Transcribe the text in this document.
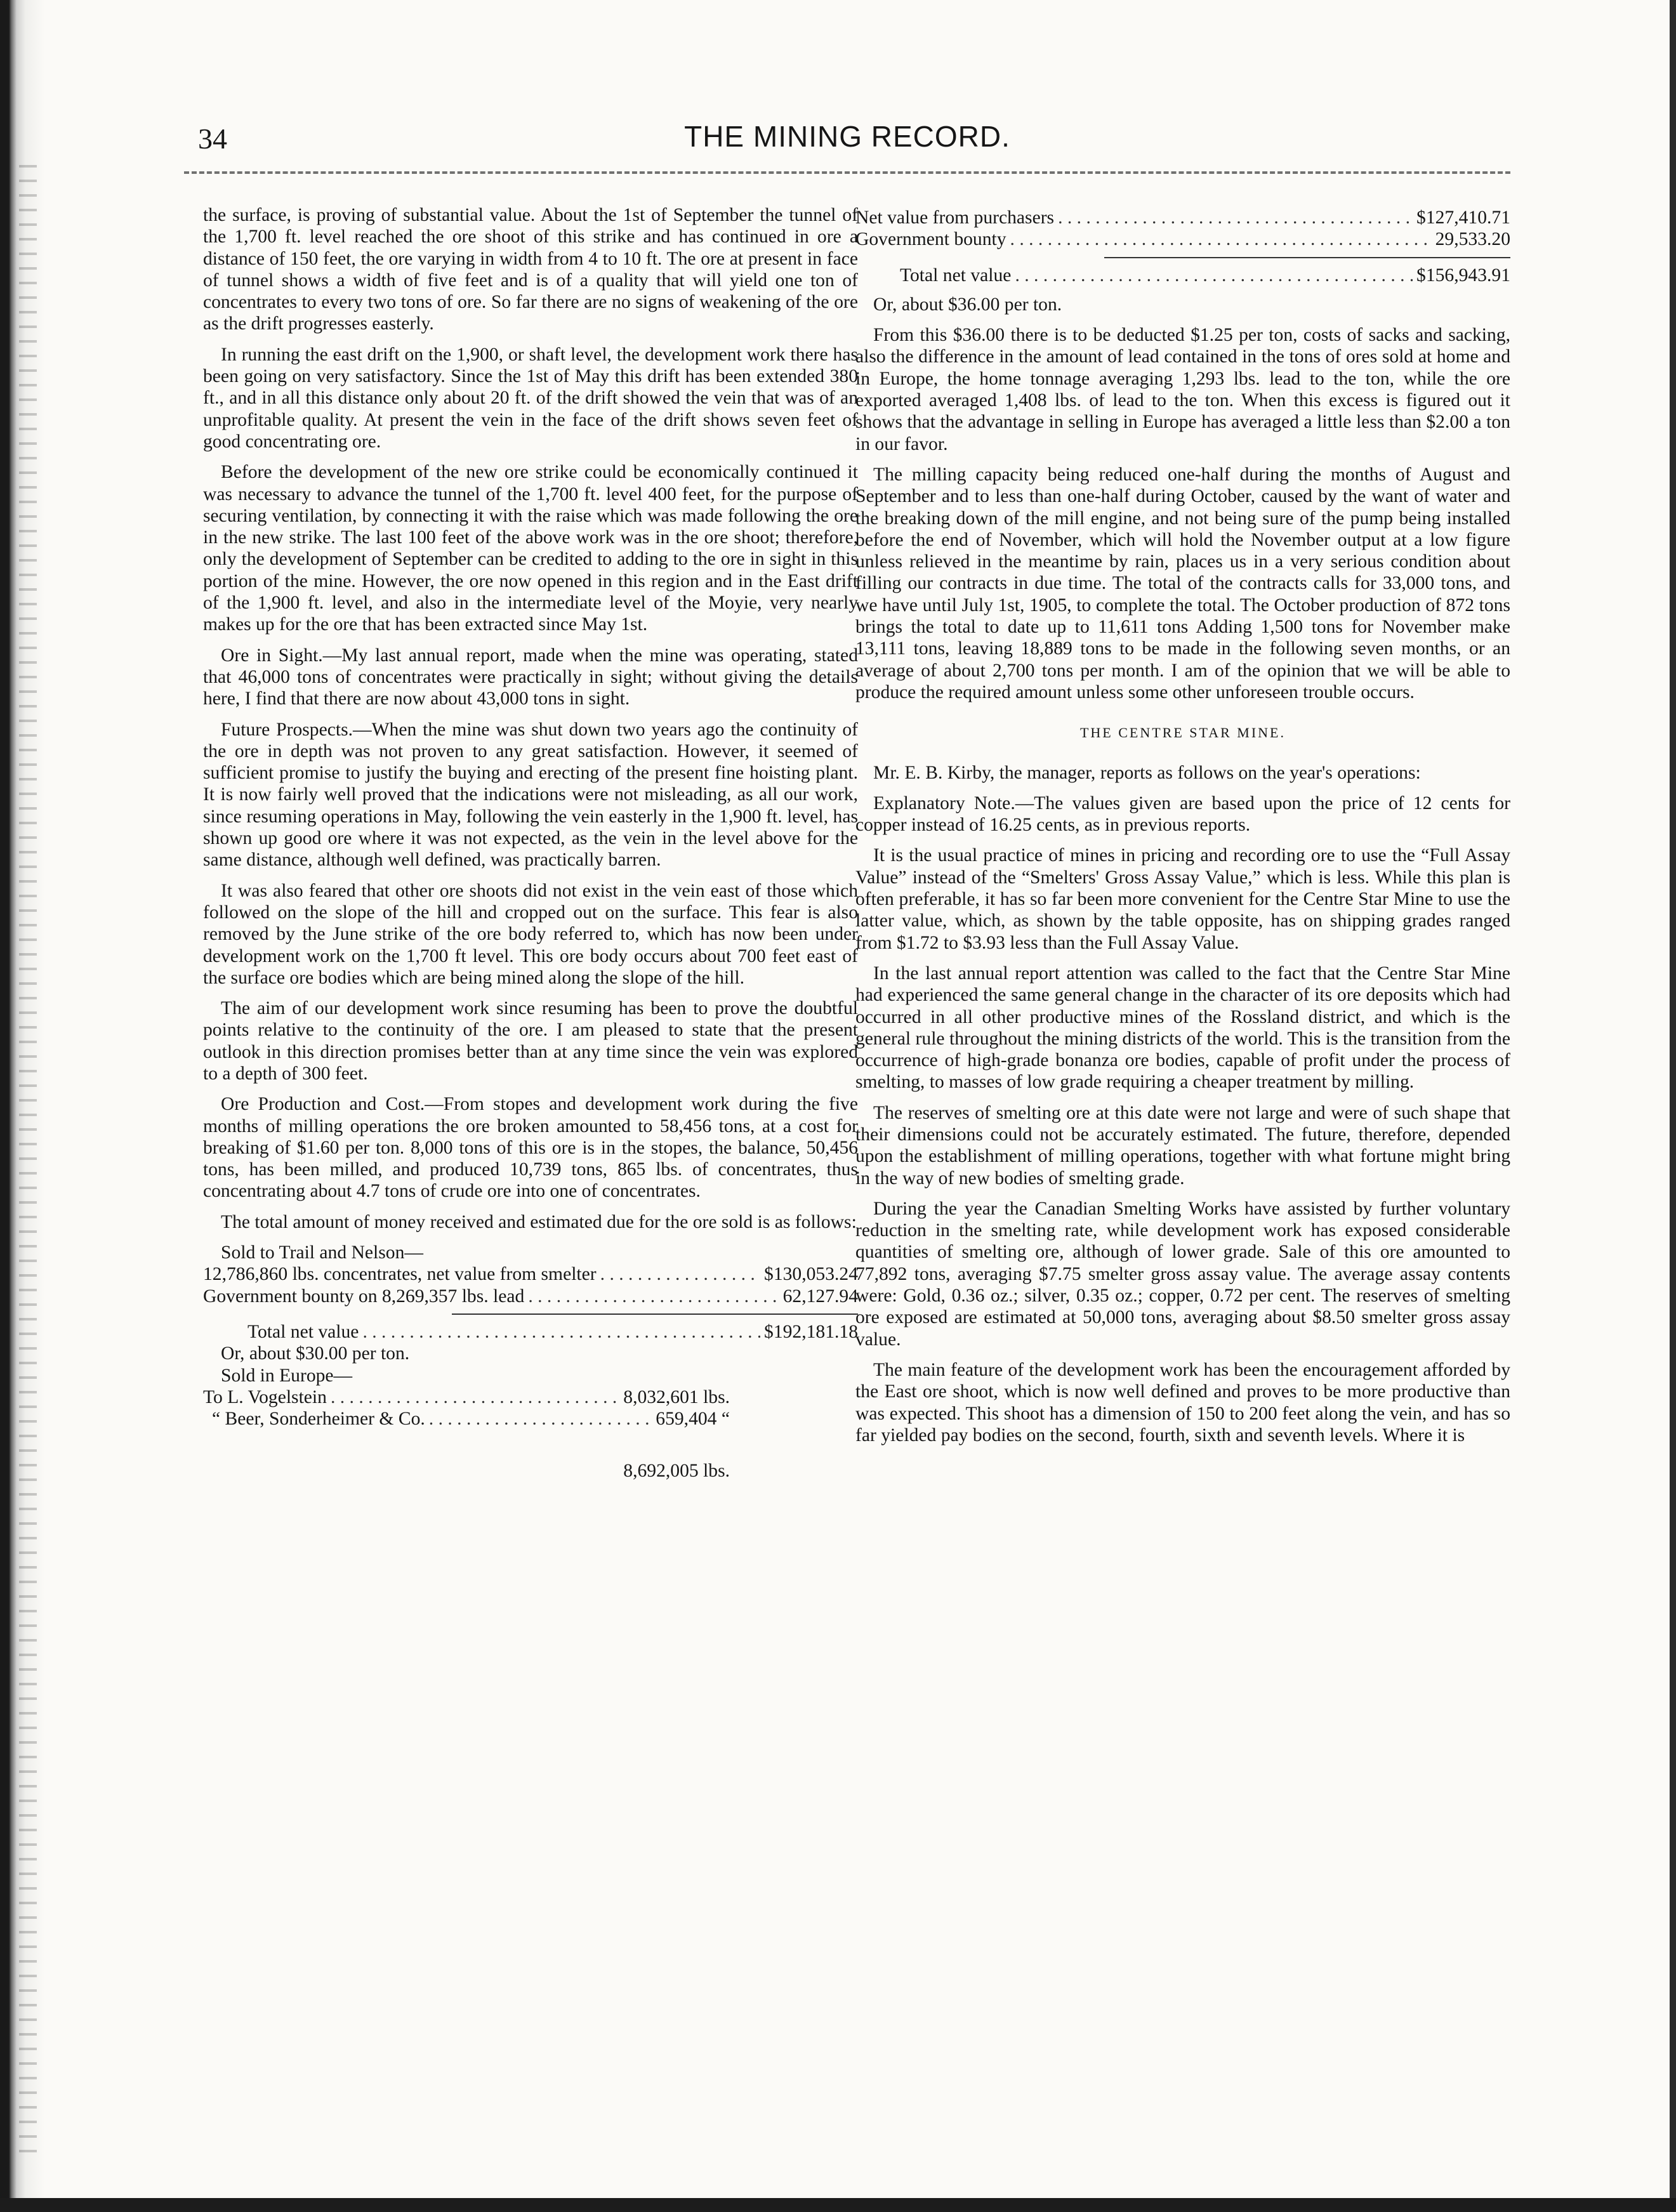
34	THE MINING RECORD.

the surface, is proving of substantial value. About the 1st of September the tunnel of the 1,700 ft. level reached the ore shoot of this strike and has continued in ore a distance of 150 feet, the ore varying in width from 4 to 10 ft. The ore at present in face of tunnel shows a width of five feet and is of a quality that will yield one ton of concentrates to every two tons of ore. So far there are no signs of weakening of the ore as the drift progresses easterly.

In running the east drift on the 1,900, or shaft level, the development work there has been going on very satisfactory. Since the 1st of May this drift has been extended 380 ft., and in all this distance only about 20 ft. of the drift showed the vein that was of an unprofitable quality. At present the vein in the face of the drift shows seven feet of good concentrating ore.

Before the development of the new ore strike could be economically continued it was necessary to advance the tunnel of the 1,700 ft. level 400 feet, for the purpose of securing ventilation, by connecting it with the raise which was made following the ore in the new strike. The last 100 feet of the above work was in the ore shoot; therefore, only the development of September can be credited to adding to the ore in sight in this portion of the mine. However, the ore now opened in this region and in the East drift of the 1,900 ft. level, and also in the intermediate level of the Moyie, very nearly makes up for the ore that has been extracted since May 1st.

Ore in Sight.—My last annual report, made when the mine was operating, stated that 46,000 tons of concentrates were practically in sight; without giving the details here, I find that there are now about 43,000 tons in sight.

Future Prospects.—When the mine was shut down two years ago the continuity of the ore in depth was not proven to any great satisfaction. However, it seemed of sufficient promise to justify the buying and erecting of the present fine hoisting plant. It is now fairly well proved that the indications were not misleading, as all our work, since resuming operations in May, following the vein easterly in the 1,900 ft. level, has shown up good ore where it was not expected, as the vein in the level above for the same distance, although well defined, was practically barren.

It was also feared that other ore shoots did not exist in the vein east of those which followed on the slope of the hill and cropped out on the surface. This fear is also removed by the June strike of the ore body referred to, which has now been under development work on the 1,700 ft level. This ore body occurs about 700 feet east of the surface ore bodies which are being mined along the slope of the hill.

The aim of our development work since resuming has been to prove the doubtful points relative to the continuity of the ore. I am pleased to state that the present outlook in this direction promises better than at any time since the vein was explored to a depth of 300 feet.

Ore Production and Cost.—From stopes and development work during the five months of milling operations the ore broken amounted to 58,456 tons, at a cost for breaking of $1.60 per ton. 8,000 tons of this ore is in the stopes, the balance, 50,456 tons, has been milled, and produced 10,739 tons, 865 lbs. of concentrates, thus concentrating about 4.7 tons of crude ore into one of concentrates.

The total amount of money received and estimated due for the ore sold is as follows:

Sold to Trail and Nelson—
12,786,860 lbs. concentrates, net value from smelter . . .	$130,053.24
Government bounty on 8,269,357 lbs. lead . . .	62,127.94
Total net value . . .	$192,181.18
Or, about $30.00 per ton.
Sold in Europe—
To L. Vogelstein . . .	8,032,601 lbs.
“ Beer, Sonderheimer & Co. . . .	659,404 “
8,692,005 lbs.
Net value from purchasers . . .	$127,410.71
Government bounty . . .	29,533.20
Total net value . . .	$156,943.91

Or, about $36.00 per ton.

From this $36.00 there is to be deducted $1.25 per ton, costs of sacks and sacking, also the difference in the amount of lead contained in the tons of ores sold at home and in Europe, the home tonnage averaging 1,293 lbs. lead to the ton, while the ore exported averaged 1,408 lbs. of lead to the ton. When this excess is figured out it shows that the advantage in selling in Europe has averaged a little less than $2.00 a ton in our favor.

The milling capacity being reduced one-half during the months of August and September and to less than one-half during October, caused by the want of water and the breaking down of the mill engine, and not being sure of the pump being installed before the end of November, which will hold the November output at a low figure unless relieved in the meantime by rain, places us in a very serious condition about filling our contracts in due time. The total of the contracts calls for 33,000 tons, and we have until July 1st, 1905, to complete the total. The October production of 872 tons brings the total to date up to 11,611 tons Adding 1,500 tons for November make 13,111 tons, leaving 18,889 tons to be made in the following seven months, or an average of about 2,700 tons per month. I am of the opinion that we will be able to produce the required amount unless some other unforeseen trouble occurs.

THE CENTRE STAR MINE.

Mr. E. B. Kirby, the manager, reports as follows on the year's operations:

Explanatory Note.—The values given are based upon the price of 12 cents for copper instead of 16.25 cents, as in previous reports.

It is the usual practice of mines in pricing and recording ore to use the “Full Assay Value” instead of the “Smelters' Gross Assay Value,” which is less. While this plan is often preferable, it has so far been more convenient for the Centre Star Mine to use the latter value, which, as shown by the table opposite, has on shipping grades ranged from $1.72 to $3.93 less than the Full Assay Value.

In the last annual report attention was called to the fact that the Centre Star Mine had experienced the same general change in the character of its ore deposits which had occurred in all other productive mines of the Rossland district, and which is the general rule throughout the mining districts of the world. This is the transition from the occurrence of high-grade bonanza ore bodies, capable of profit under the process of smelting, to masses of low grade requiring a cheaper treatment by milling.

The reserves of smelting ore at this date were not large and were of such shape that their dimensions could not be accurately estimated. The future, therefore, depended upon the establishment of milling operations, together with what fortune might bring in the way of new bodies of smelting grade.

During the year the Canadian Smelting Works have assisted by further voluntary reduction in the smelting rate, while development work has exposed considerable quantities of smelting ore, although of lower grade. Sale of this ore amounted to 77,892 tons, averaging $7.75 smelter gross assay value. The average assay contents were: Gold, 0.36 oz.; silver, 0.35 oz.; copper, 0.72 per cent. The reserves of smelting ore exposed are estimated at 50,000 tons, averaging about $8.50 smelter gross assay value.

The main feature of the development work has been the encouragement afforded by the East ore shoot, which is now well defined and proves to be more productive than was expected. This shoot has a dimension of 150 to 200 feet along the vein, and has so far yielded pay bodies on the second, fourth, sixth and seventh levels. Where it is
